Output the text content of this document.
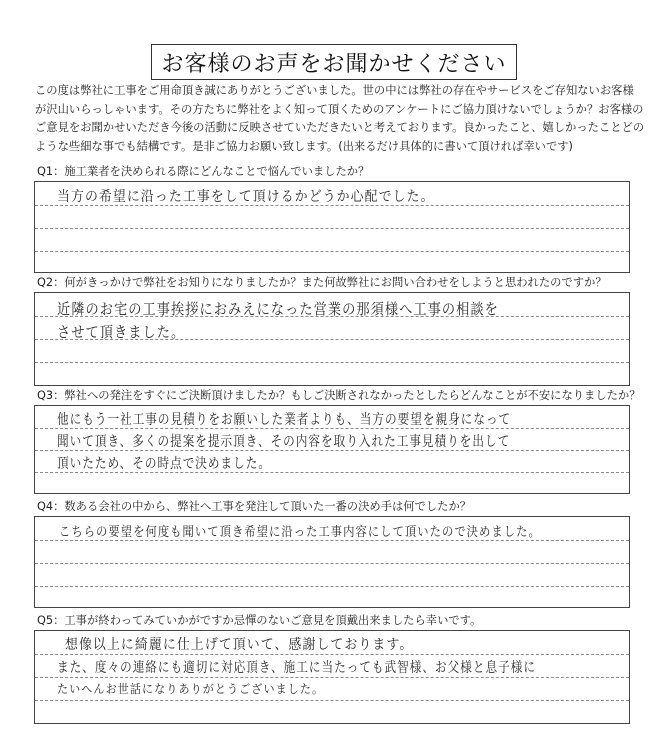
お客様のお声をお聞かせください
この度は弊社に工事をご用命頂き誠にありがとうございました。世の中には弊社の存在やサービスをご存知ないお客様が沢山いらっしゃいます。その方たちに弊社をよく知って頂くためのアンケートにご協力頂けないでしょうか？お客様のご意見をお聞かせいただき今後の活動に反映させていただきたいと考えております。良かったこと、嬉しかったことどのような些細な事でも結構です。是非ご協力お願い致します。(出来るだけ具体的に書いて頂ければ幸いです)
Q1：施工業者を決められる際にどんなことで悩んでいましたか？
当方の希望に沿った工事をして頂けるかどうか心配でした。
Q2：何がきっかけで弊社をお知りになりましたか？また何故弊社にお問い合わせをしようと思われたのですか？
近隣のお宅の工事挨拶におみえになった営業の那須様へ工事の相談を
させて頂きました。
Q3：弊社への発注をすぐにご決断頂けましたか？もしご決断されなかったとしたらどんなことが不安になりましたか？
他にもう一社工事の見積りをお願いした業者よりも、当方の要望を親身になって
聞いて頂き、多くの提案を提示頂き、その内容を取り入れた工事見積りを出して
頂いたため、その時点で決めました。
Q4：数ある会社の中から、弊社へ工事を発注して頂いた一番の決め手は何でしたか？
こちらの要望を何度も聞いて頂き希望に沿った工事内容にして頂いたので決めました。
Q5：工事が終わってみていかがですか忌憚のないご意見を頂戴出来ましたら幸いです。
想像以上に綺麗に仕上げて頂いて、感謝しております。
また、度々の連絡にも適切に対応頂き、施工に当たっても武智様、お父様と息子様に
たいへんお世話になりありがとうございました。
